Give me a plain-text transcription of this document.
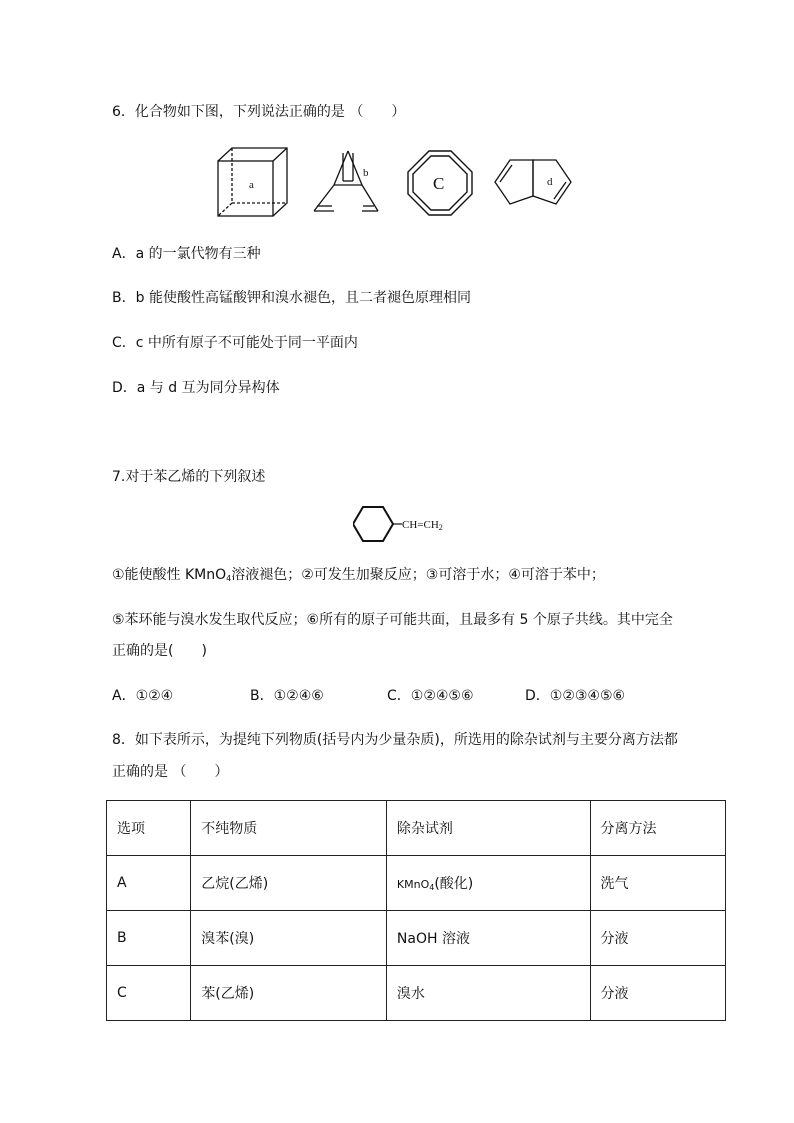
6．化合物如下图，下列说法正确的是 （　　）
a
b
C	d
A．a 的一氯代物有三种
B．b 能使酸性高锰酸钾和溴水褪色，且二者褪色原理相同
C．c 中所有原子不可能处于同一平面内
D．a 与 d 互为同分异构体
7.对于苯乙烯的下列叙述
$CH=CH_2$
①能使酸性 KMnO$_4$溶液褪色；②可发生加聚反应；③可溶于水；④可溶于苯中；
⑤苯环能与溴水发生取代反应；⑥所有的原子可能共面，且最多有 5 个原子共线。其中完全
正确的是(　　)
A．①②④	B．①②④⑥	C．①②④⑤⑥	D．①②③④⑤⑥
8．如下表所示，为提纯下列物质(括号内为少量杂质)，所选用的除杂试剂与主要分离方法都
正确的是 （　　）
选项	不纯物质	除杂试剂	分离方法
A	乙烷(乙烯)	KMnO$_4$(酸化)	洗气
B	溴苯(溴)	NaOH 溶液	分液
C	苯(乙烯)	溴水	分液
